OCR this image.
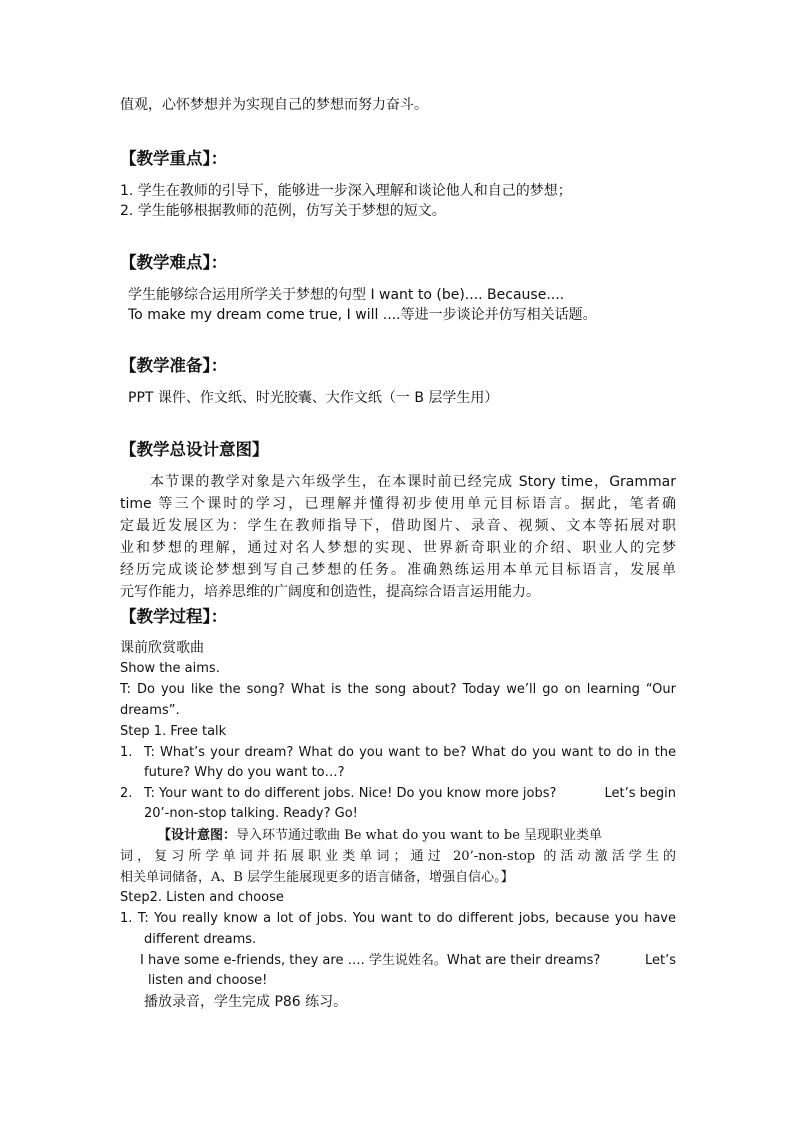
值观，心怀梦想并为实现自己的梦想而努力奋斗。
【教学重点】：
1. 学生在教师的引导下，能够进一步深入理解和谈论他人和自己的梦想；
2. 学生能够根据教师的范例，仿写关于梦想的短文。
【教学难点】：
学生能够综合运用所学关于梦想的句型 I want to (be).... Because....
To make my dream come true, I will ....等进一步谈论并仿写相关话题。
【教学准备】：
PPT 课件、作文纸、时光胶囊、大作文纸（一 B 层学生用）
【教学总设计意图】
本节课的教学对象是六年级学生，在本课时前已经完成 Story time，Grammar
time 等三个课时的学习，已理解并懂得初步使用单元目标语言。据此，笔者确
定最近发展区为：学生在教师指导下，借助图片、录音、视频、文本等拓展对职
业和梦想的理解，通过对名人梦想的实现、世界新奇职业的介绍、职业人的完梦
经历完成谈论梦想到写自己梦想的任务。准确熟练运用本单元目标语言，发展单
元写作能力，培养思维的广阔度和创造性，提高综合语言运用能力。
【教学过程】：
课前欣赏歌曲
Show the aims.
T: Do you like the song? What is the song about? Today we’ll go on learning “Our
dreams”.
Step 1. Free talk
1. T: What’s your dream? What do you want to be? What do you want to do in the
future? Why do you want to…?
2. T: Your want to do different jobs. Nice! Do you know more jobs?	Let’s begin
20’-non-stop talking. Ready? Go!
【设计意图：导入环节通过歌曲 Be what do you want to be 呈现职业类单
词，复习所学单词并拓展职业类单词；通过 20’-non-stop 的活动激活学生的
相关单词储备，A、B 层学生能展现更多的语言储备，增强自信心。】
Step2. Listen and choose
1. T: You really know a lot of jobs. You want to do different jobs, because you have
different dreams.
I have some e-friends, they are …. 学生说姓名。What are their dreams?	Let’s
listen and choose!
播放录音，学生完成 P86 练习。
